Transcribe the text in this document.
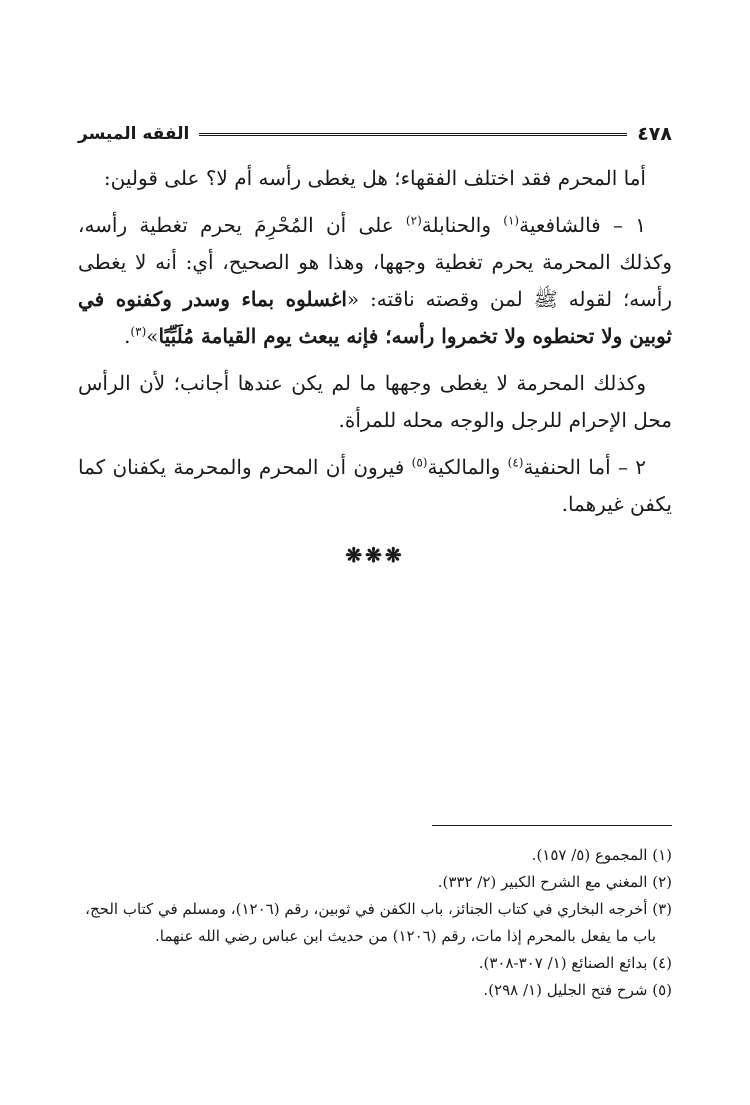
٤٧٨
الفقه الميسر

أما المحرم فقد اختلف الفقهاء؛ هل يغطى رأسه أم لا؟ على قولين:

١ – فالشافعية$^{(١)}$ والحنابلة$^{(٢)}$ على أن المُحْرِمَ يحرم تغطية رأسه، وكذلك المحرمة يحرم تغطية وجهها، وهذا هو الصحيح، أي: أنه لا يغطى رأسه؛ لقوله ﷺ لمن وقصته ناقته: «اغسلوه بماء وسدر وكفنوه في ثوبين ولا تحنطوه ولا تخمروا رأسه؛ فإنه يبعث يوم القيامة مُلَبِّيًا»$^{(٣)}$.

وكذلك المحرمة لا يغطى وجهها ما لم يكن عندها أجانب؛ لأن الرأس محل الإحرام للرجل والوجه محله للمرأة.

٢ – أما الحنفية$^{(٤)}$ والمالكية$^{(٥)}$ فيرون أن المحرم والمحرمة يكفنان كما يكفن غيرهما.

❋❋❋

(١) المجموع (٥/ ١٥٧).

(٢) المغني مع الشرح الكبير (٢/ ٣٣٢).

(٣) أخرجه البخاري في كتاب الجنائز، باب الكفن في ثوبين، رقم (١٢٠٦)، ومسلم في كتاب الحج،

باب ما يفعل بالمحرم إذا مات، رقم (١٢٠٦) من حديث ابن عباس رضي الله عنهما.

(٤) بدائع الصنائع (١/ ٣٠٧-٣٠٨).

(٥) شرح فتح الجليل (١/ ٢٩٨).
